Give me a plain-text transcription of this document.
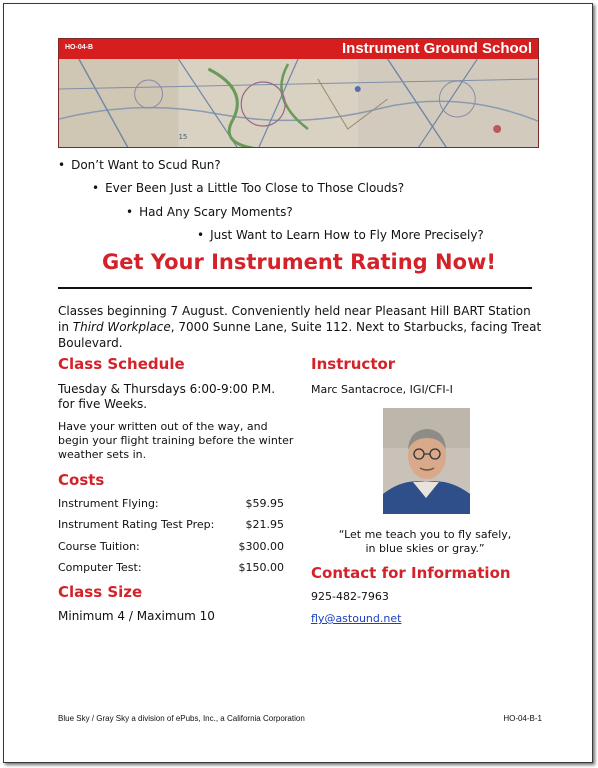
15
HO-04-B	Instrument Ground School
• Don’t Want to Scud Run?
• Ever Been Just a Little Too Close to Those Clouds?
• Had Any Scary Moments?
• Just Want to Learn How to Fly More Precisely?
Get Your Instrument Rating Now!
Classes beginning 7 August. Conveniently held near Pleasant Hill BART Station in Third Workplace, 7000 Sunne Lane, Suite 112. Next to Starbucks, facing Treat Boulevard.
Class Schedule
Tuesday & Thursdays 6:00-9:00 P.M.
for five Weeks.
Have your written out of the way, and begin your flight training before the winter weather sets in.
Costs
Instrument Flying:	$59.95
Instrument Rating Test Prep:	$21.95
Course Tuition:	$300.00
Computer Test:	$150.00
Class Size
Minimum 4 / Maximum 10
Instructor
Marc Santacroce, IGI/CFI-I
“Let me teach you to fly safely,
in blue skies or gray.”
Contact for Information
925-482-7963
fly@astound.net
Blue Sky / Gray Sky a division of ePubs, Inc., a California Corporation	HO-04-B-1
